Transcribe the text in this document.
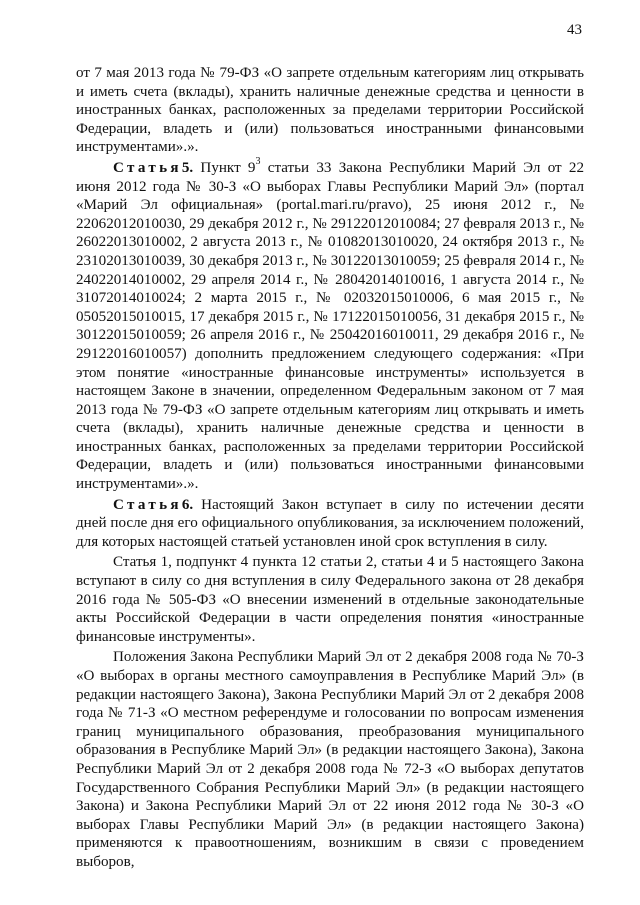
43

от 7 мая 2013 года № 79-ФЗ «О запрете отдельным категориям лиц открывать и иметь счета (вклады), хранить наличные денежные средства и ценности в иностранных банках, расположенных за пределами территории Российской Федерации, владеть и (или) пользоваться иностранными финансовыми инструментами».».

Статья5. Пункт $9^3$ статьи 33 Закона Республики Марий Эл от 22 июня 2012 года № 30-З «О выборах Главы Республики Марий Эл» (портал «Марий Эл официальная» (portal.mari.ru/pravo), 25 июня 2012 г., № 22062012010030, 29 декабря 2012 г., № 29122012010084; 27 февраля 2013 г., № 26022013010002, 2 августа 2013 г., № 01082013010020, 24 октября 2013 г., № 23102013010039, 30 декабря 2013 г., № 30122013010059; 25 февраля 2014 г., № 24022014010002, 29 апреля 2014 г., № 28042014010016, 1 августа 2014 г., № 31072014010024; 2 марта 2015 г., № 02032015010006, 6 мая 2015 г., № 05052015010015, 17 декабря 2015 г., № 17122015010056, 31 декабря 2015 г., № 30122015010059; 26 апреля 2016 г., № 25042016010011, 29 декабря 2016 г., № 29122016010057) дополнить предложением следующего содержания: «При этом понятие «иностранные финансовые инструменты» используется в настоящем Законе в значении, определенном Федеральным законом от 7 мая 2013 года № 79-ФЗ «О запрете отдельным категориям лиц открывать и иметь счета (вклады), хранить наличные денежные средства и ценности в иностранных банках, расположенных за пределами территории Российской Федерации, владеть и (или) пользоваться иностранными финансовыми инструментами».».

Статья6. Настоящий Закон вступает в силу по истечении десяти дней после дня его официального опубликования, за исключением положений, для которых настоящей статьей установлен иной срок вступления в силу.

Статья 1, подпункт 4 пункта 12 статьи 2, статьи 4 и 5 настоящего Закона вступают в силу со дня вступления в силу Федерального закона от 28 декабря 2016 года № 505-ФЗ «О внесении изменений в отдельные законодательные акты Российской Федерации в части определения понятия «иностранные финансовые инструменты».

Положения Закона Республики Марий Эл от 2 декабря 2008 года № 70-З «О выборах в органы местного самоуправления в Республике Марий Эл» (в редакции настоящего Закона), Закона Республики Марий Эл от 2 декабря 2008 года № 71-З «О местном референдуме и голосовании по вопросам изменения границ муниципального образования, преобразования муниципального образования в Республике Марий Эл» (в редакции настоящего Закона), Закона Республики Марий Эл от 2 декабря 2008 года № 72-З «О выборах депутатов Государственного Собрания Республики Марий Эл» (в редакции настоящего Закона) и Закона Республики Марий Эл от 22 июня 2012 года № 30-З «О выборах Главы Республики Марий Эл» (в редакции настоящего Закона) применяются к правоотношениям, возникшим в связи с проведением выборов,
